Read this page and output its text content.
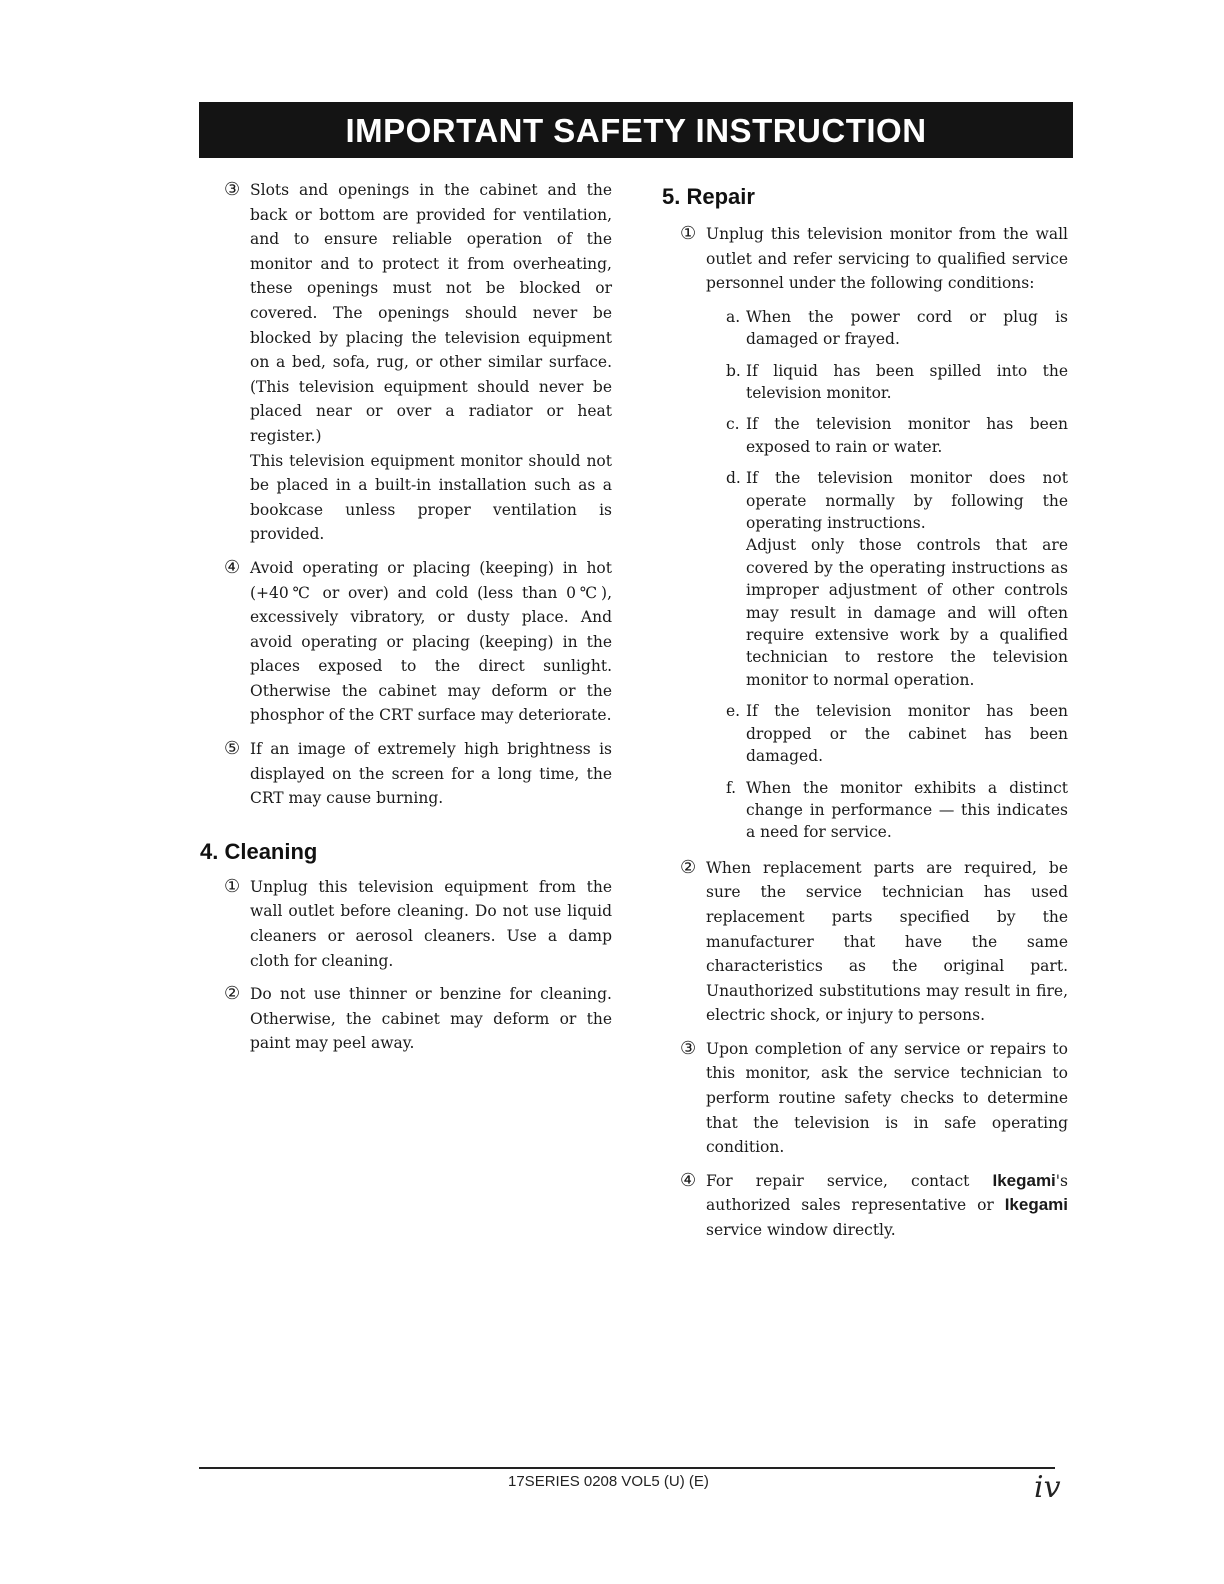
IMPORTANT SAFETY INSTRUCTION
③ Slots and openings in the cabinet and the back or bottom are provided for ventilation, and to ensure reliable operation of the monitor and to protect it from overheating, these openings must not be blocked or covered. The openings should never be blocked by placing the television equipment on a bed, sofa, rug, or other similar surface. (This television equipment should never be placed near or over a radiator or heat register.)
This television equipment monitor should not be placed in a built-in installation such as a bookcase unless proper ventilation is provided.
④ Avoid operating or placing (keeping) in hot (+40℃ or over) and cold (less than 0℃), excessively vibratory, or dusty place. And avoid operating or placing (keeping) in the places exposed to the direct sunlight. Otherwise the cabinet may deform or the phosphor of the CRT surface may deteriorate.
⑤ If an image of extremely high brightness is displayed on the screen for a long time, the CRT may cause burning.
4. Cleaning
① Unplug this television equipment from the wall outlet before cleaning. Do not use liquid cleaners or aerosol cleaners. Use a damp cloth for cleaning.
② Do not use thinner or benzine for cleaning. Otherwise, the cabinet may deform or the paint may peel away.
5. Repair
① Unplug this television monitor from the wall outlet and refer servicing to qualified service personnel under the following conditions:
a. When the power cord or plug is damaged or frayed.
b. If liquid has been spilled into the television monitor.
c. If the television monitor has been exposed to rain or water.
d. If the television monitor does not operate normally by following the operating instructions.
Adjust only those controls that are covered by the operating instructions as improper adjustment of other controls may result in damage and will often require extensive work by a qualified technician to restore the television monitor to normal operation.
e. If the television monitor has been dropped or the cabinet has been damaged.
f. When the monitor exhibits a distinct change in performance — this indicates a need for service.
② When replacement parts are required, be sure the service technician has used replacement parts specified by the manufacturer that have the same characteristics as the original part. Unauthorized substitutions may result in fire, electric shock, or injury to persons.
③ Upon completion of any service or repairs to this monitor, ask the service technician to perform routine safety checks to determine that the television is in safe operating condition.
④ For repair service, contact Ikegami's authorized sales representative or Ikegami service window directly.
17SERIES 0208 VOL5 (U) (E)	iv
